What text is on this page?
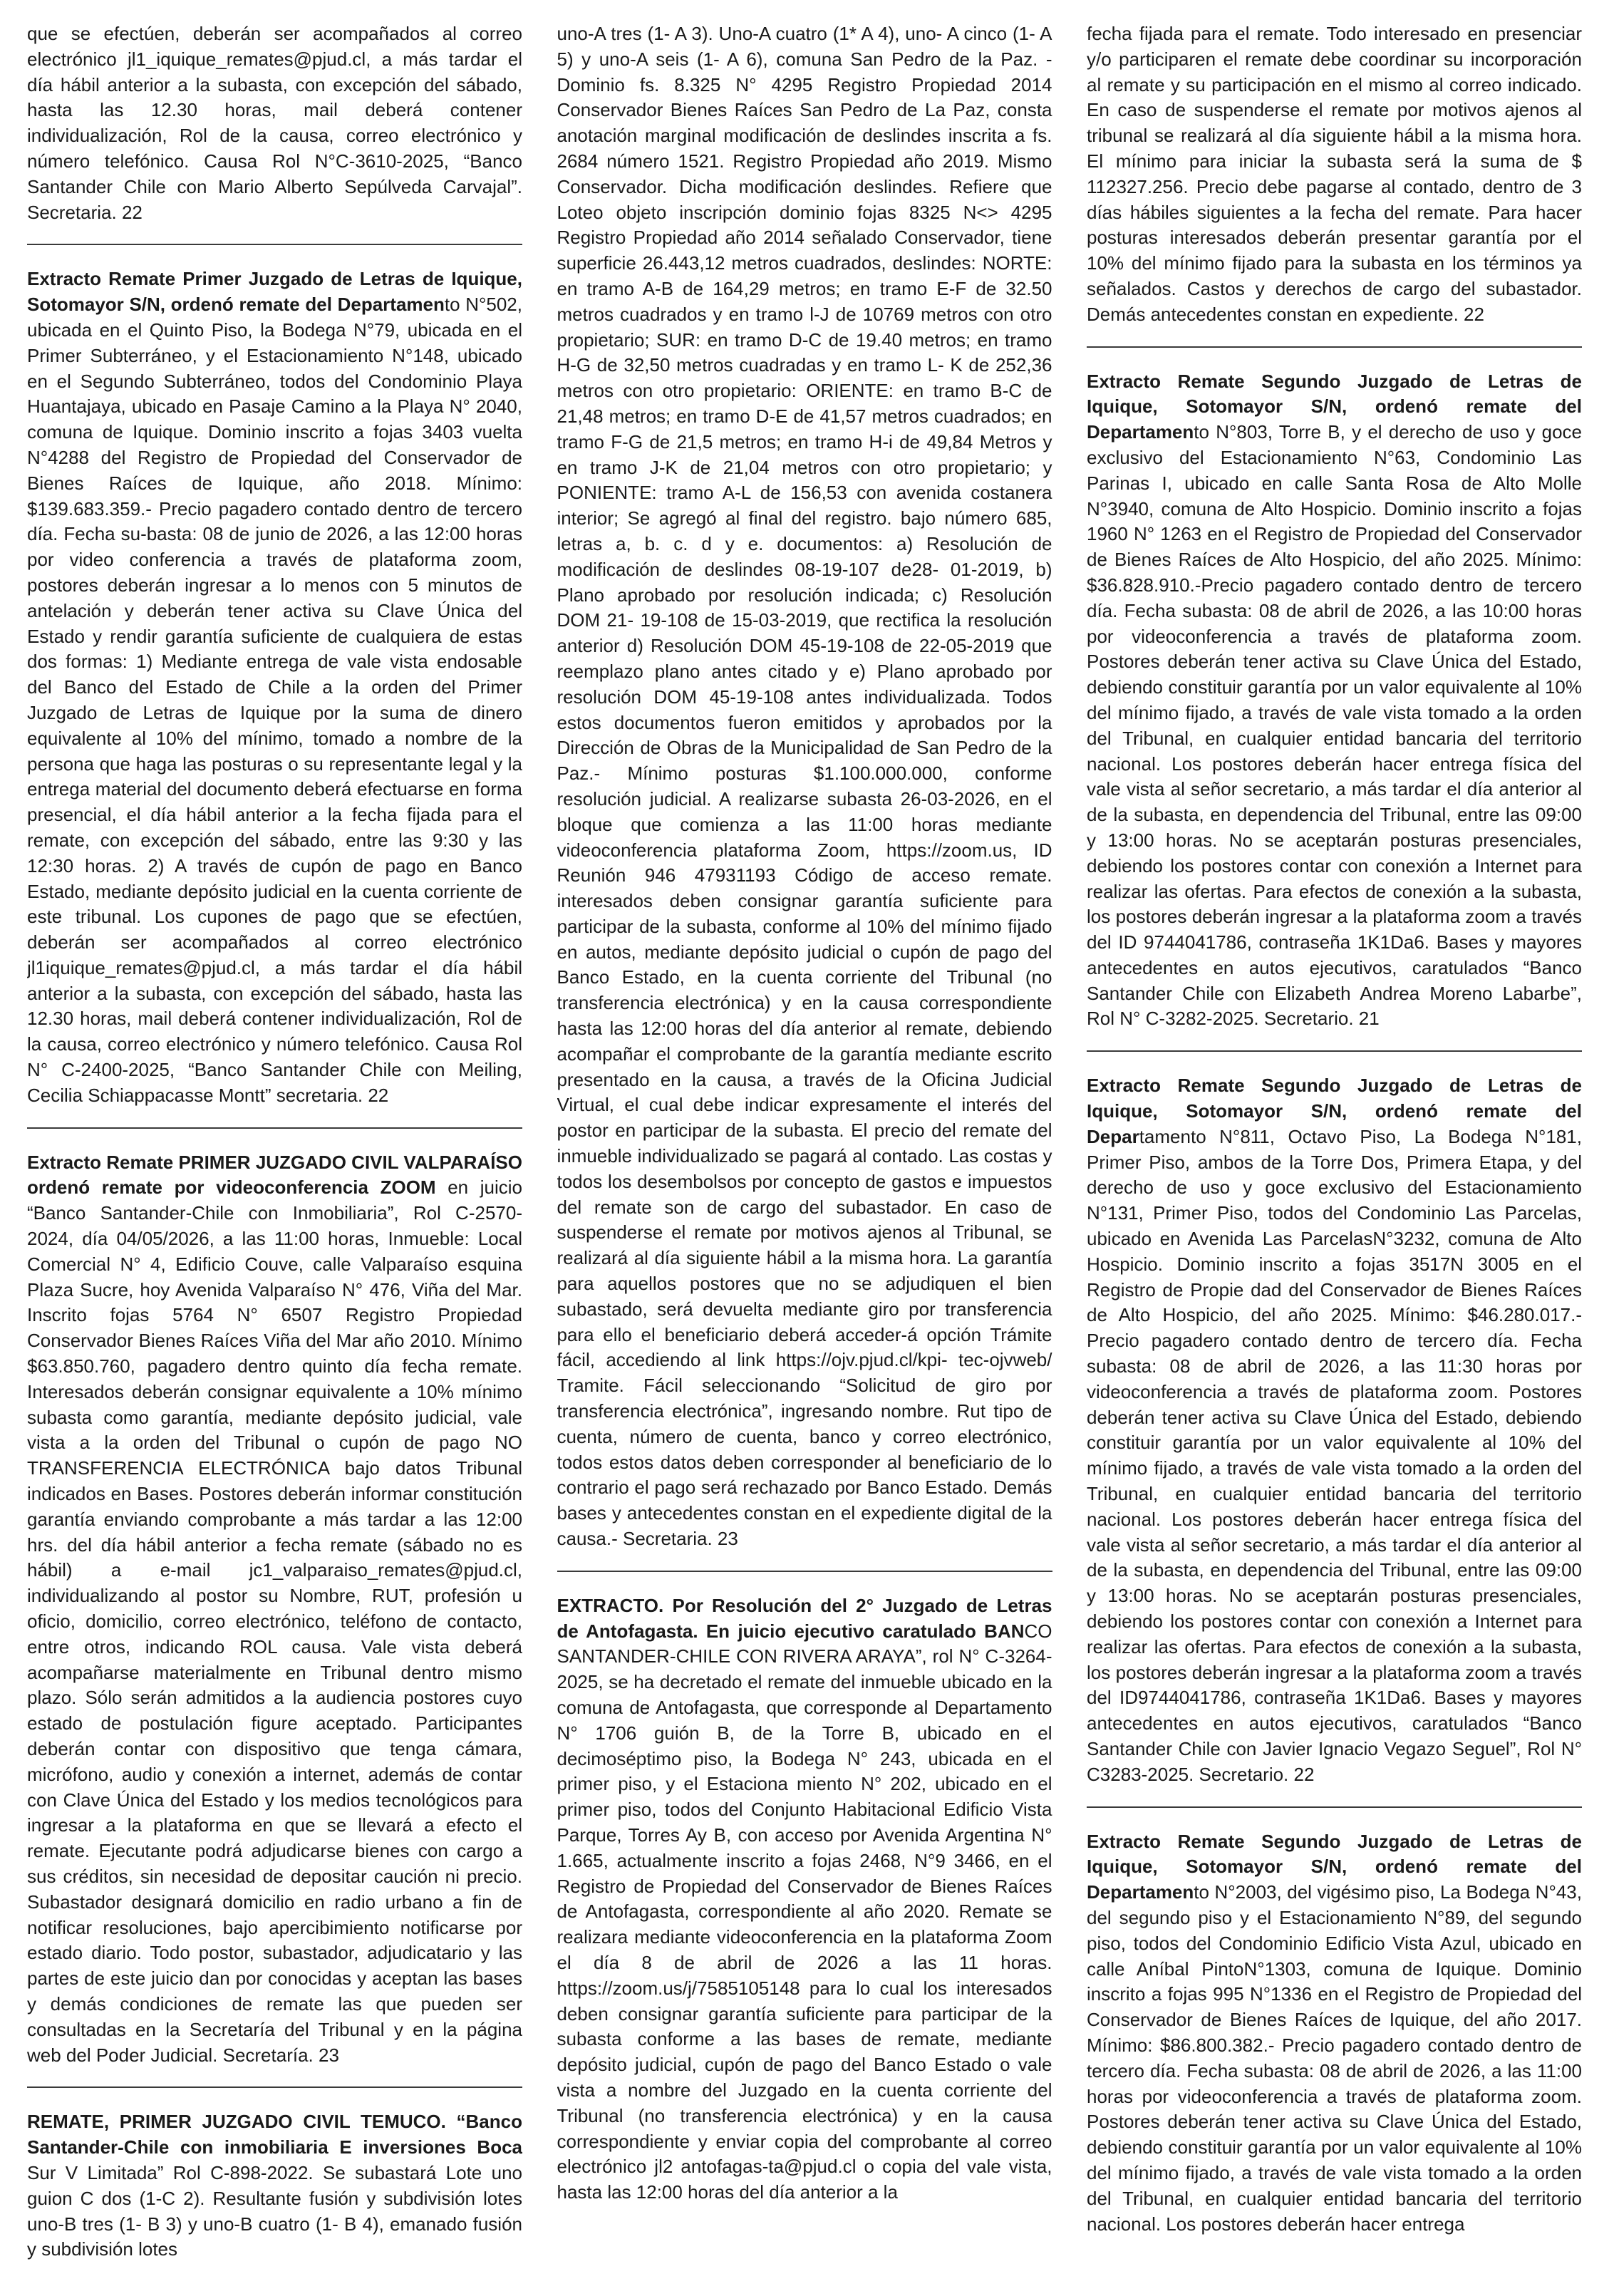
que se efectúen, deberán ser acompañados al correo electrónico jl1_iquique_remates@pjud.cl, a más tardar el día hábil anterior a la subasta, con excepción del sábado, hasta las 12.30 horas, mail deberá contener individualización, Rol de la causa, correo electrónico y número telefónico. Causa Rol N°C-3610-2025, “Banco Santander Chile con Mario Alberto Sepúlveda Carvajal”. Secretaria. 22

Extracto Remate Primer Juzgado de Letras de Iquique, Sotomayor S/N, ordenó remate del Departamento N°502, ubicada en el Quinto Piso, la Bodega N°79, ubicada en el Primer Subterráneo, y el Estacionamiento N°148, ubicado en el Segundo Subterráneo, todos del Condominio Playa Huantajaya, ubicado en Pasaje Camino a la Playa N° 2040, comuna de Iquique. Dominio inscrito a fojas 3403 vuelta N°4288 del Registro de Propiedad del Conservador de Bienes Raíces de Iquique, año 2018. Mínimo: $139.683.359.- Precio pagadero contado dentro de tercero día. Fecha su-basta: 08 de junio de 2026, a las 12:00 horas por video conferencia a través de plataforma zoom, postores deberán ingresar a lo menos con 5 minutos de antelación y deberán tener activa su Clave Única del Estado y rendir garantía suficiente de cualquiera de estas dos formas: 1) Mediante entrega de vale vista endosable del Banco del Estado de Chile a la orden del Primer Juzgado de Letras de Iquique por la suma de dinero equivalente al 10% del mínimo, tomado a nombre de la persona que haga las posturas o su representante legal y la entrega material del documento deberá efectuarse en forma presencial, el día hábil anterior a la fecha fijada para el remate, con excepción del sábado, entre las 9:30 y las 12:30 horas. 2) A través de cupón de pago en Banco Estado, mediante depósito judicial en la cuenta corriente de este tribunal. Los cupones de pago que se efectúen, deberán ser acompañados al correo electrónico jl1iquique_remates@pjud.cl, a más tardar el día hábil anterior a la subasta, con excepción del sábado, hasta las 12.30 horas, mail deberá contener individualización, Rol de la causa, correo electrónico y número telefónico. Causa Rol N° C-2400-2025, “Banco Santander Chile con Meiling, Cecilia Schiappacasse Montt” secretaria. 22

Extracto Remate PRIMER JUZGADO CIVIL VALPARAÍSO ordenó remate por videoconferencia ZOOM en juicio “Banco Santander-Chile con Inmobiliaria”, Rol C-2570-2024, día 04/05/2026, a las 11:00 horas, Inmueble: Local Comercial N° 4, Edificio Couve, calle Valparaíso esquina Plaza Sucre, hoy Avenida Valparaíso N° 476, Viña del Mar. Inscrito fojas 5764 N° 6507 Registro Propiedad Conservador Bienes Raíces Viña del Mar año 2010. Mínimo $63.850.760, pagadero dentro quinto día fecha remate. Interesados deberán consignar equivalente a 10% mínimo subasta como garantía, mediante depósito judicial, vale vista a la orden del Tribunal o cupón de pago NO TRANSFERENCIA ELECTRÓNICA bajo datos Tribunal indicados en Bases. Postores deberán informar constitución garantía enviando comprobante a más tardar a las 12:00 hrs. del día hábil anterior a fecha remate (sábado no es hábil) a e-mail jc1_valparaiso_remates@pjud.cl, individualizando al postor su Nombre, RUT, profesión u oficio, domicilio, correo electrónico, teléfono de contacto, entre otros, indicando ROL causa. Vale vista deberá acompañarse materialmente en Tribunal dentro mismo plazo. Sólo serán admitidos a la audiencia postores cuyo estado de postulación figure aceptado. Participantes deberán contar con dispositivo que tenga cámara, micrófono, audio y conexión a internet, además de contar con Clave Única del Estado y los medios tecnológicos para ingresar a la plataforma en que se llevará a efecto el remate. Ejecutante podrá adjudicarse bienes con cargo a sus créditos, sin necesidad de depositar caución ni precio. Subastador designará domicilio en radio urbano a fin de notificar resoluciones, bajo apercibimiento notificarse por estado diario. Todo postor, subastador, adjudicatario y las partes de este juicio dan por conocidas y aceptan las bases y demás condiciones de remate las que pueden ser consultadas en la Secretaría del Tribunal y en la página web del Poder Judicial. Secretaría. 23

REMATE, PRIMER JUZGADO CIVIL TEMUCO. “Banco Santander-Chile con inmobiliaria E inversiones Boca Sur V Limitada” Rol C-898-2022. Se subastará Lote uno guion C dos (1-C 2). Resultante fusión y subdivisión lotes uno-B tres (1- B 3) y uno-B cuatro (1- B 4), emanado fusión y subdivisión lotes

uno-A tres (1- A 3). Uno-A cuatro (1* A 4), uno- A cinco (1- A 5) y uno-A seis (1- A 6), comuna San Pedro de la Paz. - Dominio fs. 8.325 N° 4295 Registro Propiedad 2014 Conservador Bienes Raíces San Pedro de La Paz, consta anotación marginal modificación de deslindes inscrita a fs. 2684 número 1521. Registro Propiedad año 2019. Mismo Conservador. Dicha modificación deslindes. Refiere que Loteo objeto inscripción dominio fojas 8325 N<> 4295 Registro Propiedad año 2014 señalado Conservador, tiene superficie 26.443,12 metros cuadrados, deslindes: NORTE: en tramo A-B de 164,29 metros; en tramo E-F de 32.50 metros cuadrados y en tramo l-J de 10769 metros con otro propietario; SUR: en tramo D-C de 19.40 metros; en tramo H-G de 32,50 metros cuadradas y en tramo L- K de 252,36 metros con otro propietario: ORIENTE: en tramo B-C de 21,48 metros; en tramo D-E de 41,57 metros cuadrados; en tramo F-G de 21,5 metros; en tramo H-i de 49,84 Metros y en tramo J-K de 21,04 metros con otro propietario; y PONIENTE: tramo A-L de 156,53 con avenida costanera interior; Se agregó al final del registro. bajo número 685, letras a, b. c. d y e. documentos: a) Resolución de modificación de deslindes 08-19-107 de28- 01-2019, b) Plano aprobado por resolución indicada; c) Resolución DOM 21- 19-108 de 15-03-2019, que rectifica la resolución anterior d) Resolución DOM 45-19-108 de 22-05-2019 que reemplazo plano antes citado y e) Plano aprobado por resolución DOM 45-19-108 antes individualizada. Todos estos documentos fueron emitidos y aprobados por la Dirección de Obras de la Municipalidad de San Pedro de la Paz.- Mínimo posturas $1.100.000.000, conforme resolución judicial. A realizarse subasta 26-03-2026, en el bloque que comienza a las 11:00 horas mediante videoconferencia plataforma Zoom, https://zoom.us, ID Reunión 946 47931193 Código de acceso remate. interesados deben consignar garantía suficiente para participar de la subasta, conforme al 10% del mínimo fijado en autos, mediante depósito judicial o cupón de pago del Banco Estado, en la cuenta corriente del Tribunal (no transferencia electrónica) y en la causa correspondiente hasta las 12:00 horas del día anterior al remate, debiendo acompañar el comprobante de la garantía mediante escrito presentado en la causa, a través de la Oficina Judicial Virtual, el cual debe indicar expresamente el interés del postor en participar de la subasta. El precio del remate del inmueble individualizado se pagará al contado. Las costas y todos los desembolsos por concepto de gastos e impuestos del remate son de cargo del subastador. En caso de suspenderse el remate por motivos ajenos al Tribunal, se realizará al día siguiente hábil a la misma hora. La garantía para aquellos postores que no se adjudiquen el bien subastado, será devuelta mediante giro por transferencia para ello el beneficiario deberá acceder-á opción Trámite fácil, accediendo al link https://ojv.pjud.cl/kpi- tec-ojvweb/ Tramite. Fácil seleccionando “Solicitud de giro por transferencia electrónica”, ingresando nombre. Rut tipo de cuenta, número de cuenta, banco y correo electrónico, todos estos datos deben corresponder al beneficiario de lo contrario el pago será rechazado por Banco Estado. Demás bases y antecedentes constan en el expediente digital de la causa.- Secretaria. 23

EXTRACTO. Por Resolución del 2° Juzgado de Letras de Antofagasta. En juicio ejecutivo caratulado BANCO SANTANDER-CHILE CON RIVERA ARAYA”, rol N° C-3264-2025, se ha decretado el remate del inmueble ubicado en la comuna de Antofagasta, que corresponde al Departamento N° 1706 guión B, de la Torre B, ubicado en el decimoséptimo piso, la Bodega N° 243, ubicada en el primer piso, y el Estaciona miento N° 202, ubicado en el primer piso, todos del Conjunto Habitacional Edificio Vista Parque, Torres Ay B, con acceso por Avenida Argentina N° 1.665, actualmente inscrito a fojas 2468, N°9 3466, en el Registro de Propiedad del Conservador de Bienes Raíces de Antofagasta, correspondiente al año 2020. Remate se realizara mediante videoconferencia en la plataforma Zoom el día 8 de abril de 2026 a las 11 horas. https://zoom.us/j/7585105148 para lo cual los interesados deben consignar garantía suficiente para participar de la subasta conforme a las bases de remate, mediante depósito judicial, cupón de pago del Banco Estado o vale vista a nombre del Juzgado en la cuenta corriente del Tribunal (no transferencia electrónica) y en la causa correspondiente y enviar copia del comprobante al correo electrónico jl2 antofagas-ta@pjud.cl o copia del vale vista, hasta las 12:00 horas del día anterior a la

fecha fijada para el remate. Todo interesado en presenciar y/o participaren el remate debe coordinar su incorporación al remate y su participación en el mismo al correo indicado. En caso de suspenderse el remate por motivos ajenos al tribunal se realizará al día siguiente hábil a la misma hora. El mínimo para iniciar la subasta será la suma de $ 112327.256. Precio debe pagarse al contado, dentro de 3 días hábiles siguientes a la fecha del remate. Para hacer posturas interesados deberán presentar garantía por el 10% del mínimo fijado para la subasta en los términos ya señalados. Castos y derechos de cargo del subastador. Demás antecedentes constan en expediente. 22

Extracto Remate Segundo Juzgado de Letras de Iquique, Sotomayor S/N, ordenó remate del Departamento N°803, Torre B, y el derecho de uso y goce exclusivo del Estacionamiento N°63, Condominio Las Parinas I, ubicado en calle Santa Rosa de Alto Molle N°3940, comuna de Alto Hospicio. Dominio inscrito a fojas 1960 N° 1263 en el Registro de Propiedad del Conservador de Bienes Raíces de Alto Hospicio, del año 2025. Mínimo: $36.828.910.-Precio pagadero contado dentro de tercero día. Fecha subasta: 08 de abril de 2026, a las 10:00 horas por videoconferencia a través de plataforma zoom. Postores deberán tener activa su Clave Única del Estado, debiendo constituir garantía por un valor equivalente al 10% del mínimo fijado, a través de vale vista tomado a la orden del Tribunal, en cualquier entidad bancaria del territorio nacional. Los postores deberán hacer entrega física del vale vista al señor secretario, a más tardar el día anterior al de la subasta, en dependencia del Tribunal, entre las 09:00 y 13:00 horas. No se aceptarán posturas presenciales, debiendo los postores contar con conexión a Internet para realizar las ofertas. Para efectos de conexión a la subasta, los postores deberán ingresar a la plataforma zoom a través del ID 9744041786, contraseña 1K1Da6. Bases y mayores antecedentes en autos ejecutivos, caratulados “Banco Santander Chile con Elizabeth Andrea Moreno Labarbe”, Rol N° C-3282-2025. Secretario. 21

Extracto Remate Segundo Juzgado de Letras de Iquique, Sotomayor S/N, ordenó remate del Departamento N°811, Octavo Piso, La Bodega N°181, Primer Piso, ambos de la Torre Dos, Primera Etapa, y del derecho de uso y goce exclusivo del Estacionamiento N°131, Primer Piso, todos del Condominio Las Parcelas, ubicado en Avenida Las ParcelasN°3232, comuna de Alto Hospicio. Dominio inscrito a fojas 3517N 3005 en el Registro de Propie dad del Conservador de Bienes Raíces de Alto Hospicio, del año 2025. Mínimo: $46.280.017.- Precio pagadero contado dentro de tercero día. Fecha subasta: 08 de abril de 2026, a las 11:30 horas por videoconferencia a través de plataforma zoom. Postores deberán tener activa su Clave Única del Estado, debiendo constituir garantía por un valor equivalente al 10% del mínimo fijado, a través de vale vista tomado a la orden del Tribunal, en cualquier entidad bancaria del territorio nacional. Los postores deberán hacer entrega física del vale vista al señor secretario, a más tardar el día anterior al de la subasta, en dependencia del Tribunal, entre las 09:00 y 13:00 horas. No se aceptarán posturas presenciales, debiendo los postores contar con conexión a Internet para realizar las ofertas. Para efectos de conexión a la subasta, los postores deberán ingresar a la plataforma zoom a través del ID9744041786, contraseña 1K1Da6. Bases y mayores antecedentes en autos ejecutivos, caratulados “Banco Santander Chile con Javier Ignacio Vegazo Seguel”, Rol N° C3283-2025. Secretario. 22

Extracto Remate Segundo Juzgado de Letras de Iquique, Sotomayor S/N, ordenó remate del Departamento N°2003, del vigésimo piso, La Bodega N°43, del segundo piso y el Estacionamiento N°89, del segundo piso, todos del Condominio Edificio Vista Azul, ubicado en calle Aníbal PintoN°1303, comuna de Iquique. Dominio inscrito a fojas 995 N°1336 en el Registro de Propiedad del Conservador de Bienes Raíces de Iquique, del año 2017. Mínimo: $86.800.382.- Precio pagadero contado dentro de tercero día. Fecha subasta: 08 de abril de 2026, a las 11:00 horas por videoconferencia a través de plataforma zoom. Postores deberán tener activa su Clave Única del Estado, debiendo constituir garantía por un valor equivalente al 10% del mínimo fijado, a través de vale vista tomado a la orden del Tribunal, en cualquier entidad bancaria del territorio nacional. Los postores deberán hacer entrega
